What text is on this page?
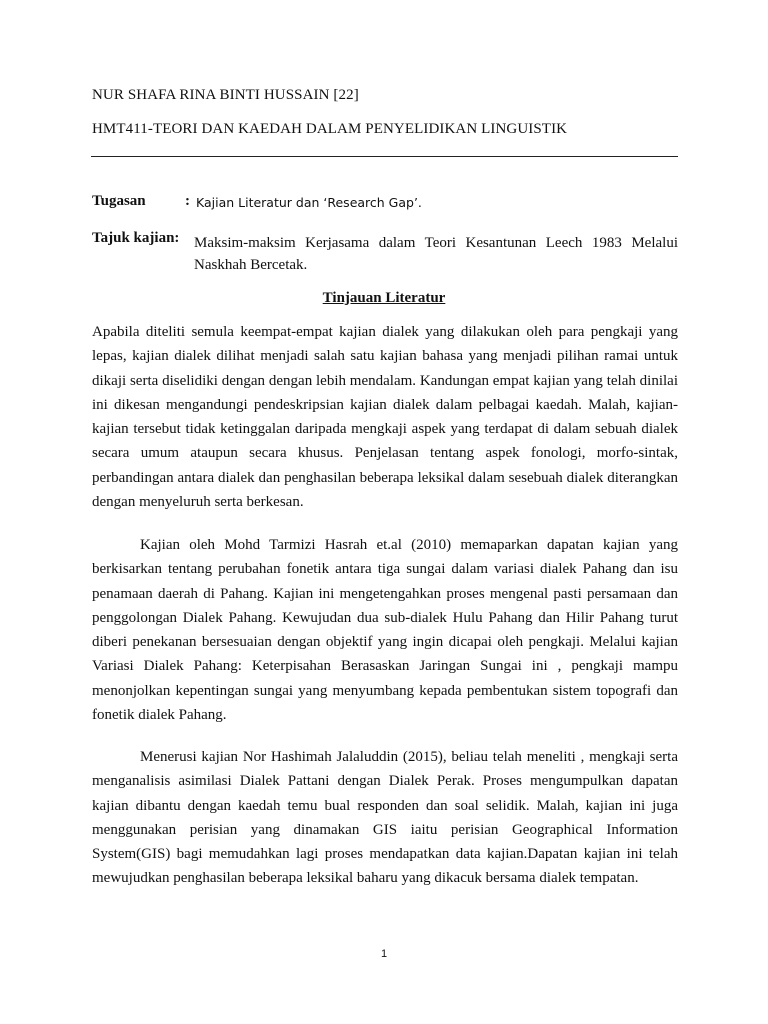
NUR SHAFA RINA BINTI HUSSAIN [22]
HMT411-TEORI DAN KAEDAH DALAM PENYELIDIKAN LINGUISTIK
Tugasan	: Kajian Literatur dan ‘Research Gap’.
Tajuk kajian: Maksim-maksim Kerjasama dalam Teori Kesantunan Leech 1983 Melalui
Naskhah Bercetak.
Tinjauan Literatur

Apabila diteliti semula keempat-empat kajian dialek yang dilakukan oleh para pengkaji yang lepas, kajian dialek dilihat menjadi salah satu kajian bahasa yang menjadi pilihan ramai untuk dikaji serta diselidiki dengan dengan lebih mendalam. Kandungan empat kajian yang telah dinilai ini dikesan mengandungi pendeskripsian kajian dialek dalam pelbagai kaedah. Malah, kajian-kajian tersebut tidak ketinggalan daripada mengkaji aspek yang terdapat di dalam sebuah dialek secara umum ataupun secara khusus. Penjelasan tentang aspek fonologi, morfo-sintak, perbandingan antara dialek dan penghasilan beberapa leksikal dalam sesebuah dialek diterangkan dengan menyeluruh serta berkesan.

Kajian oleh Mohd Tarmizi Hasrah et.al (2010) memaparkan dapatan kajian yang berkisarkan tentang perubahan fonetik antara tiga sungai dalam variasi dialek Pahang dan isu penamaan daerah di Pahang. Kajian ini mengetengahkan proses mengenal pasti persamaan dan penggolongan Dialek Pahang. Kewujudan dua sub-dialek Hulu Pahang dan Hilir Pahang turut diberi penekanan bersesuaian dengan objektif yang ingin dicapai oleh pengkaji. Melalui kajian Variasi Dialek Pahang: Keterpisahan Berasaskan Jaringan Sungai ini , pengkaji mampu menonjolkan kepentingan sungai yang menyumbang kepada pembentukan sistem topografi dan fonetik dialek Pahang.

Menerusi kajian Nor Hashimah Jalaluddin (2015), beliau telah meneliti , mengkaji serta menganalisis asimilasi Dialek Pattani dengan Dialek Perak. Proses mengumpulkan dapatan kajian dibantu dengan kaedah temu bual responden dan soal selidik. Malah, kajian ini juga menggunakan perisian yang dinamakan GIS iaitu perisian Geographical Information System(GIS) bagi memudahkan lagi proses mendapatkan data kajian.Dapatan kajian ini telah mewujudkan penghasilan beberapa leksikal baharu yang dikacuk bersama dialek tempatan.

1
